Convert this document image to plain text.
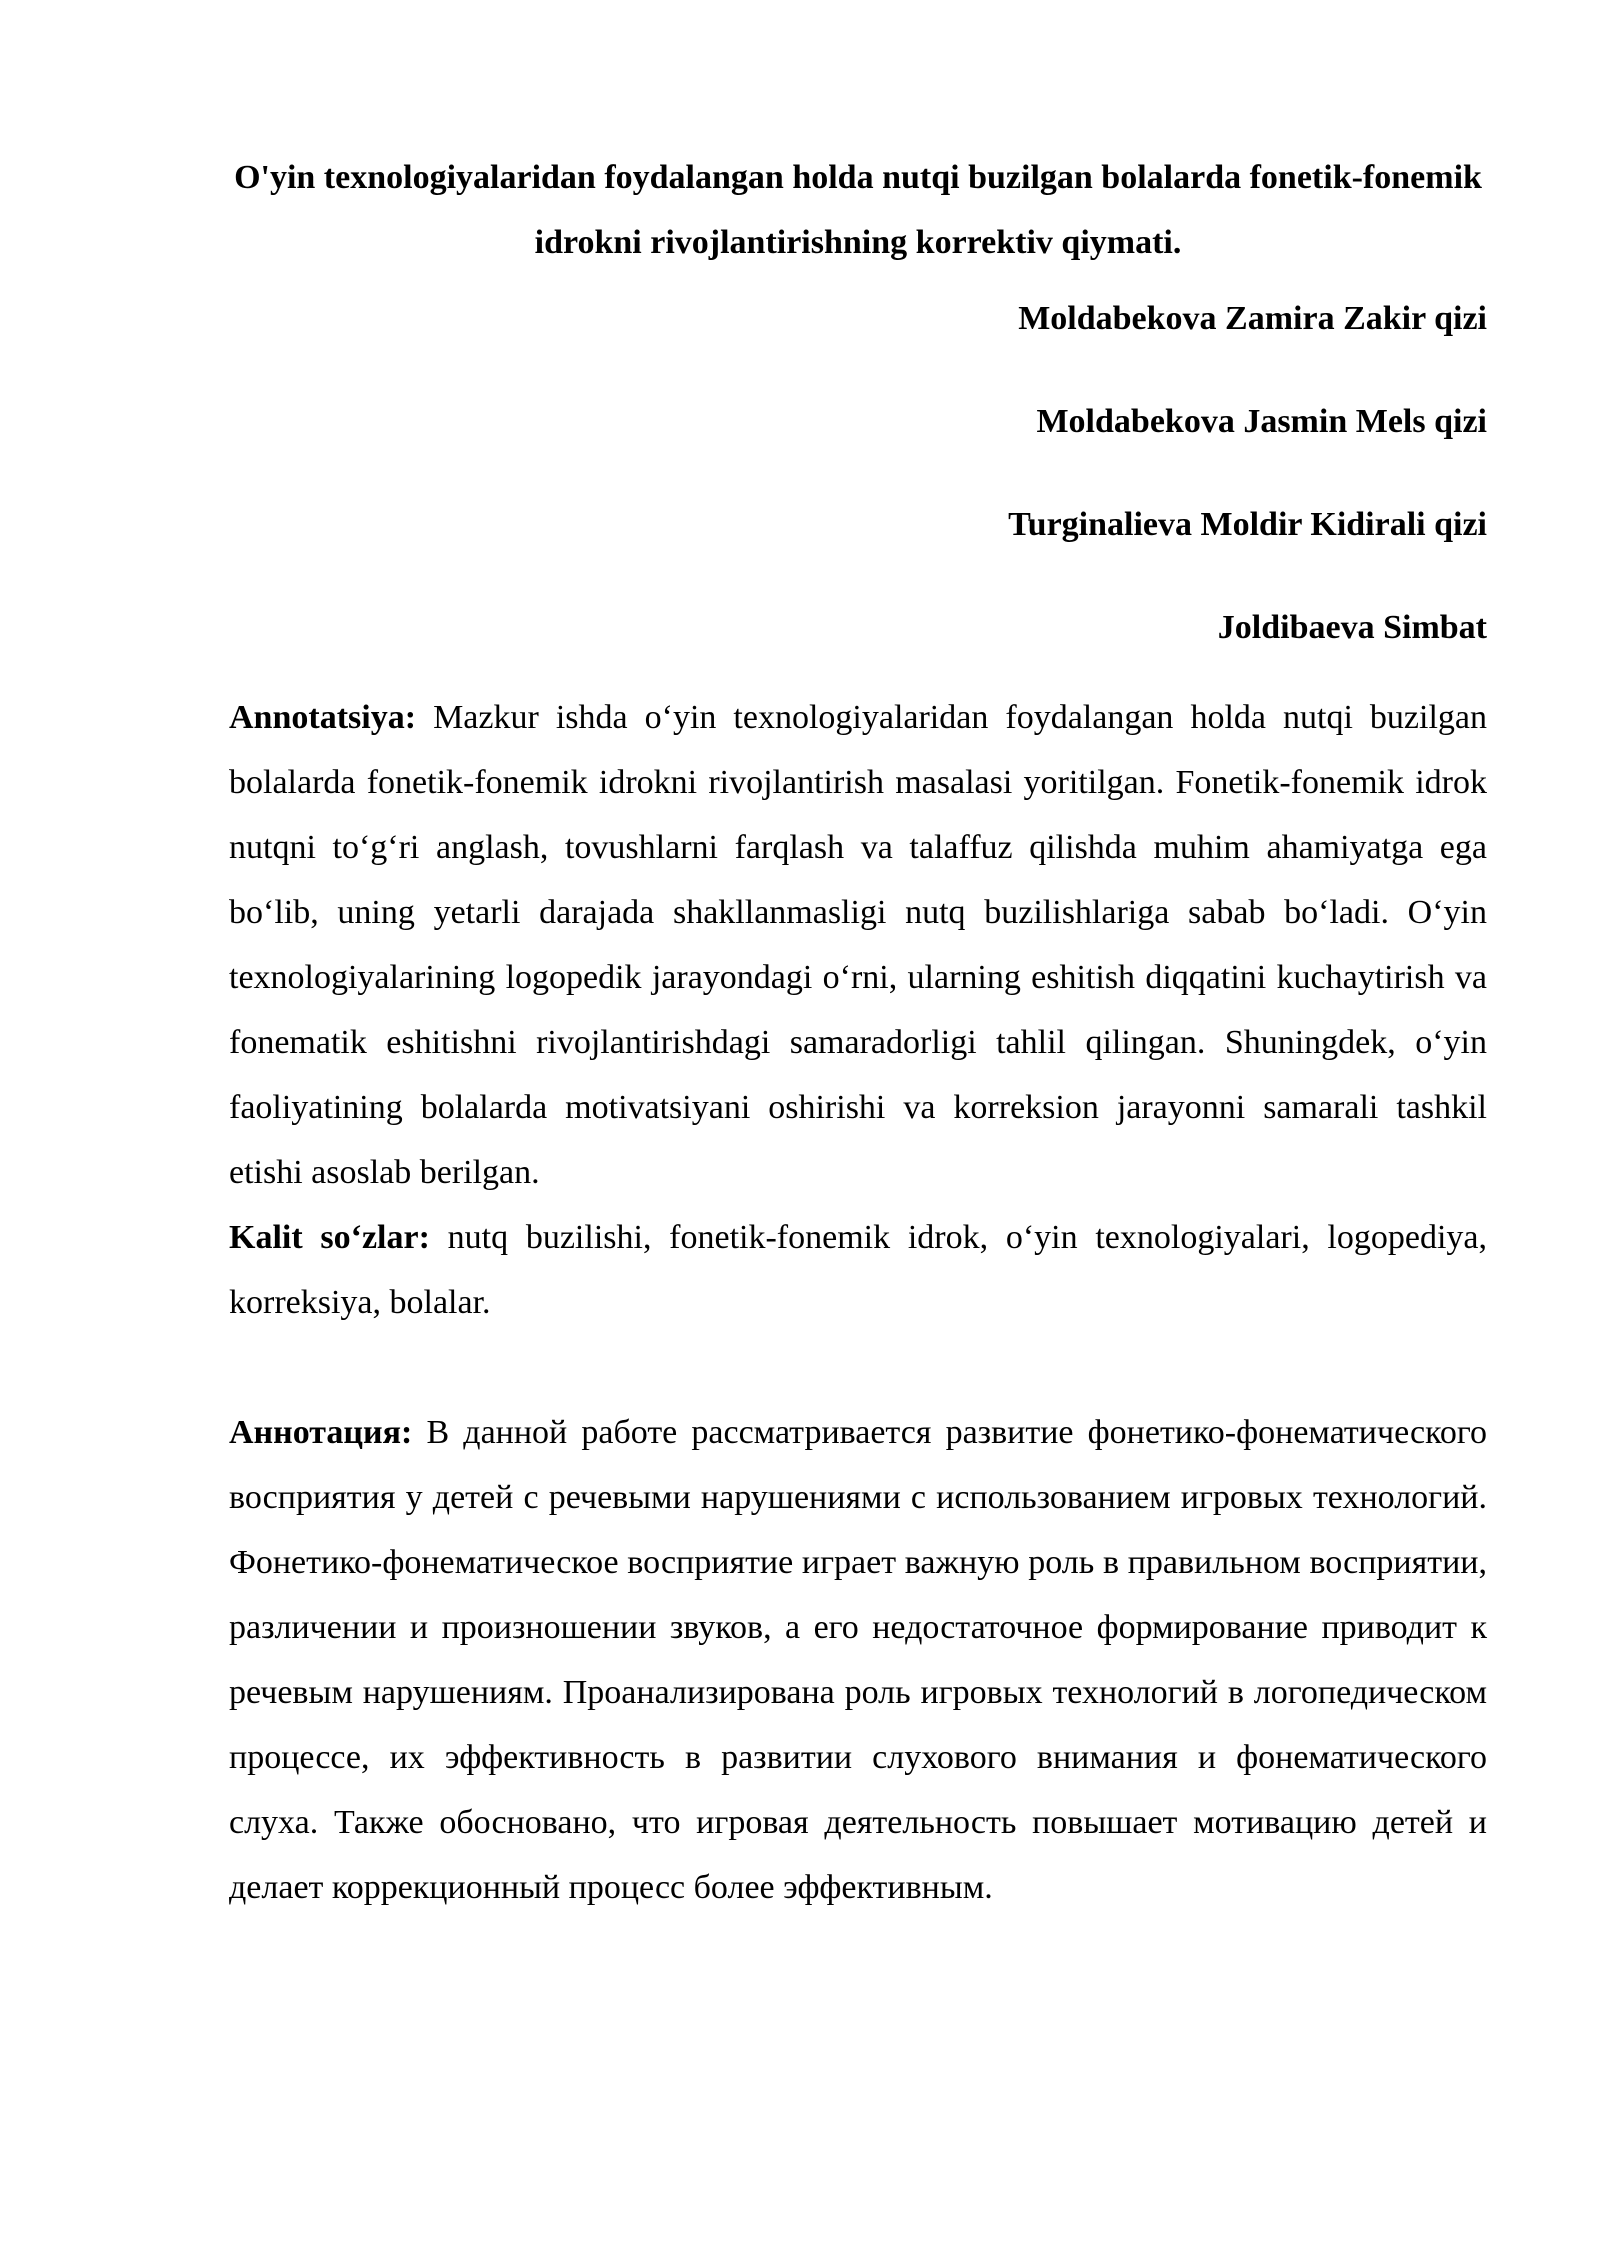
O'yin texnologiyalaridan foydalangan holda nutqi buzilgan bolalarda fonetik-fonemik idrokni rivojlantirishning korrektiv qiymati.

Moldabekova Zamira Zakir qizi

Moldabekova Jasmin Mels qizi

Turginalieva Moldir Kidirali qizi

Joldibaeva Simbat

Annotatsiya: Mazkur ishda o‘yin texnologiyalaridan foydalangan holda nutqi buzilgan bolalarda fonetik-fonemik idrokni rivojlantirish masalasi yoritilgan. Fonetik-fonemik idrok nutqni to‘g‘ri anglash, tovushlarni farqlash va talaffuz qilishda muhim ahamiyatga ega bo‘lib, uning yetarli darajada shakllanmasligi nutq buzilishlariga sabab bo‘ladi. O‘yin texnologiyalarining logopedik jarayondagi o‘rni, ularning eshitish diqqatini kuchaytirish va fonematik eshitishni rivojlantirishdagi samaradorligi tahlil qilingan. Shuningdek, o‘yin faoliyatining bolalarda motivatsiyani oshirishi va korreksion jarayonni samarali tashkil etishi asoslab berilgan.

Kalit so‘zlar: nutq buzilishi, fonetik-fonemik idrok, o‘yin texnologiyalari, logopediya, korreksiya, bolalar.

Аннотация: В данной работе рассматривается развитие фонетико-фонематического восприятия у детей с речевыми нарушениями с использованием игровых технологий. Фонетико-фонематическое восприятие играет важную роль в правильном восприятии, различении и произношении звуков, а его недостаточное формирование приводит к речевым нарушениям. Проанализирована роль игровых технологий в логопедическом процессе, их эффективность в развитии слухового внимания и фонематического слуха. Также обосновано, что игровая деятельность повышает мотивацию детей и делает коррекционный процесс более эффективным.
